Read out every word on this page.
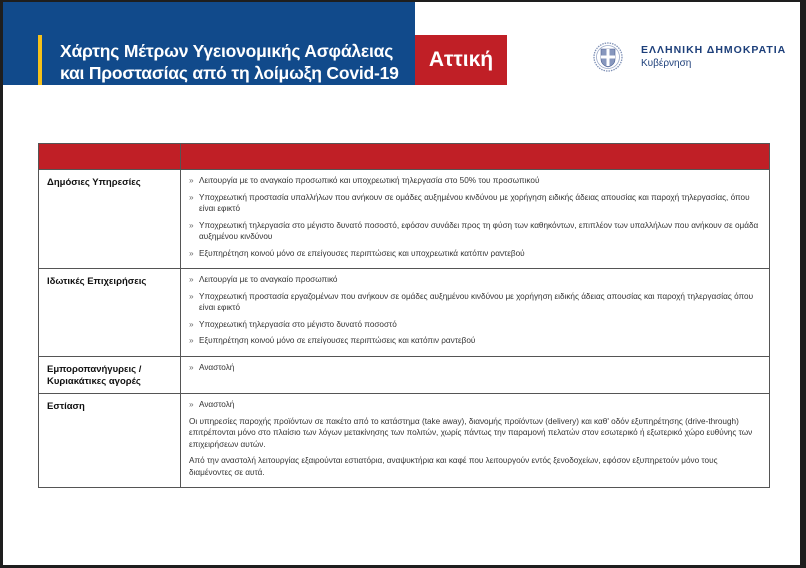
Χάρτης Μέτρων Υγειονομικής Ασφάλειας
και Προστασίας από τη λοίμωξη Covid-19
Αττική	ΕΛΛΗΝΙΚΗ ΔΗΜΟΚΡΑΤΙΑ
Κυβέρνηση

Δημόσιες Υπηρεσίες	» Λειτουργία με το αναγκαίο προσωπικό και υποχρεωτική τηλεργασία στο 50% του προσωπικού
» Υποχρεωτική προστασία υπαλλήλων που ανήκουν σε ομάδες αυξημένου κινδύνου με χορήγηση ειδικής άδειας απουσίας και παροχή τηλεργασίας, όπου είναι εφικτό
» Υποχρεωτική τηλεργασία στο μέγιστο δυνατό ποσοστό, εφόσον συνάδει προς τη φύση των καθηκόντων, επιπλέον των υπαλλήλων που ανήκουν σε ομάδα αυξημένου κινδύνου
» Εξυπηρέτηση κοινού μόνο σε επείγουσες περιπτώσεις και υποχρεωτικά κατόπιν ραντεβού

Ιδωτικές Επιχειρήσεις	» Λειτουργία με το αναγκαίο προσωπικό
» Υποχρεωτική προστασία εργαζομένων που ανήκουν σε ομάδες αυξημένου κινδύνου με χορήγηση ειδικής άδειας απουσίας και παροχή τηλεργασίας όπου είναι εφικτό
» Υποχρεωτική τηλεργασία στο μέγιστο δυνατό ποσοστό
» Εξυπηρέτηση κοινού μόνο σε επείγουσες περιπτώσεις και κατόπιν ραντεβού

Εμποροπανήγυρεις / Κυριακάτικες αγορές	» Αναστολή

Εστίαση	» Αναστολή
Οι υπηρεσίες παροχής προϊόντων σε πακέτο από το κατάστημα (take away), διανομής προϊόντων (delivery) και καθ' οδόν εξυπηρέτησης (drive-through) επιτρέπονται μόνο στο πλαίσιο των λόγων μετακίνησης των πολιτών, χωρίς πάντως την παραμονή πελατών στον εσωτερικό ή εξωτερικό χώρο ευθύνης των επιχειρήσεων αυτών.
Από την αναστολή λειτουργίας εξαιρούνται εστιατόρια, αναψυκτήρια και καφέ που λειτουργούν εντός ξενοδοχείων, εφόσον εξυπηρετούν μόνο τους διαμένοντες σε αυτά.
